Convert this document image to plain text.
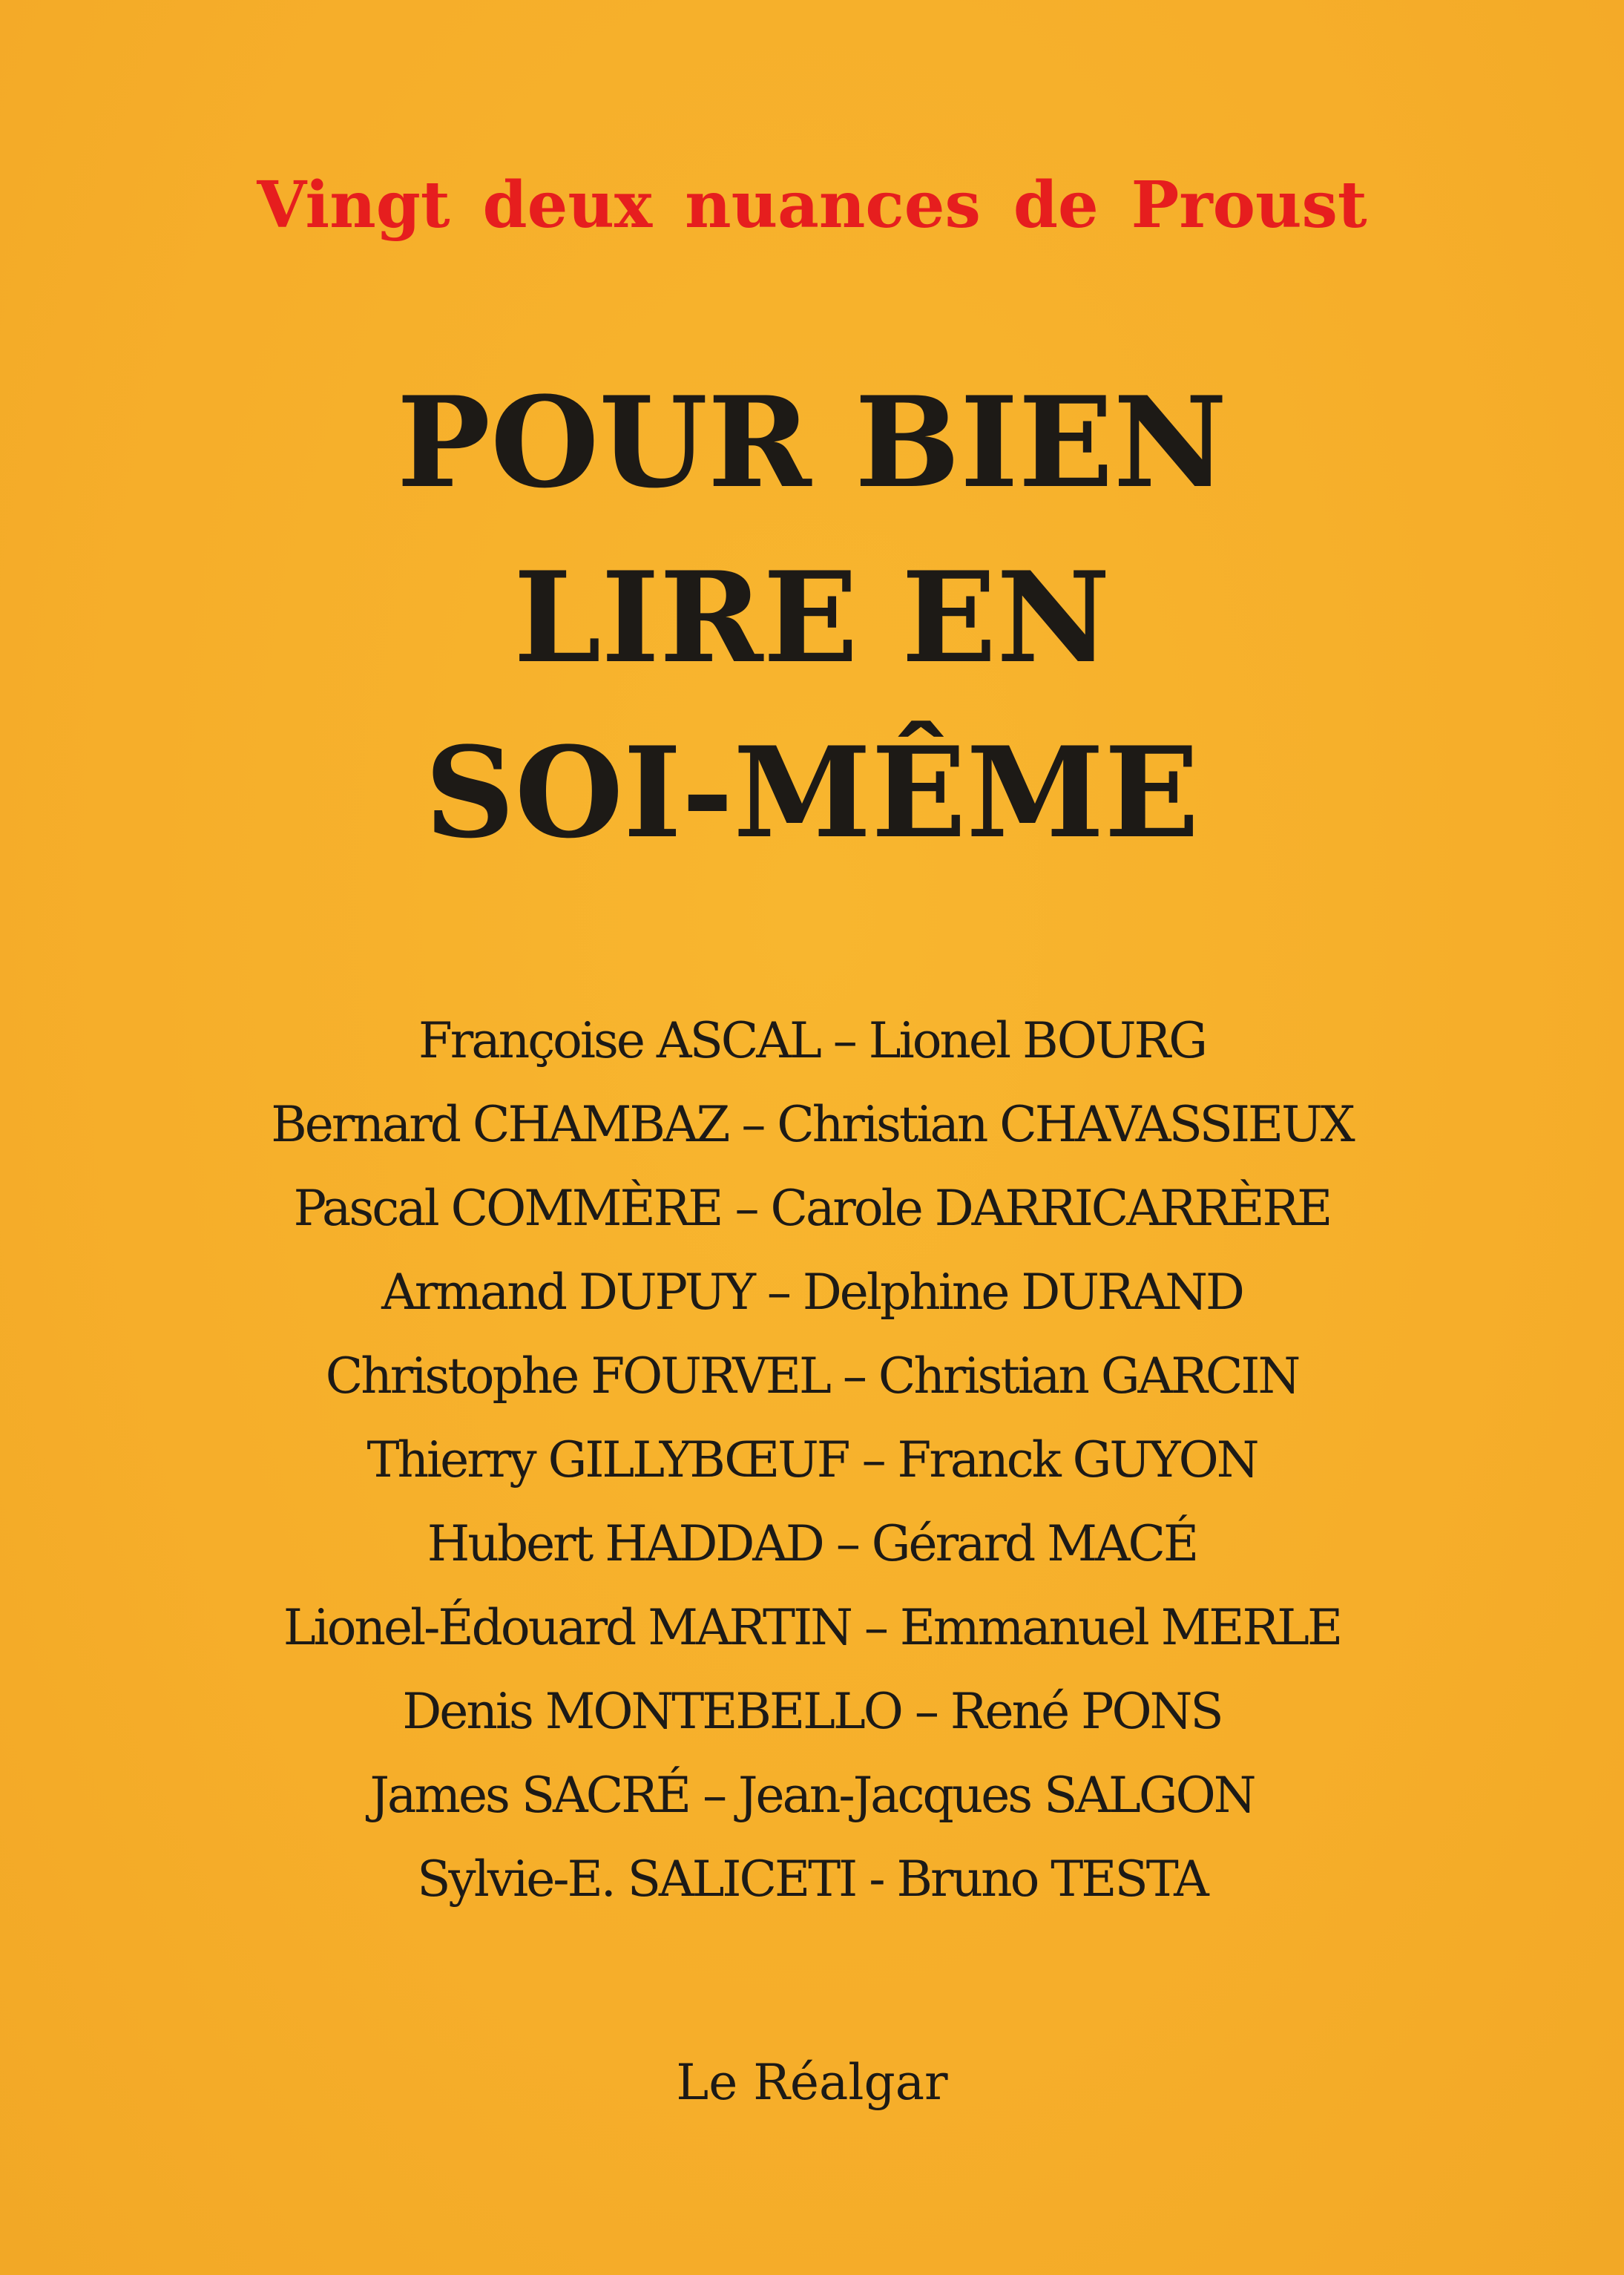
Vingt deux nuances de Proust

POUR BIEN
LIRE EN
SOI-MÊME
Françoise ASCAL – Lionel BOURG
Bernard CHAMBAZ – Christian CHAVASSIEUX
Pascal COMMÈRE – Carole DARRICARRÈRE
Armand DUPUY – Delphine DURAND
Christophe FOURVEL – Christian GARCIN
Thierry GILLYBŒUF – Franck GUYON
Hubert HADDAD – Gérard MACÉ
Lionel-Édouard MARTIN – Emmanuel MERLE
Denis MONTEBELLO – René PONS
James SACRÉ – Jean-Jacques SALGON
Sylvie-E. SALICETI - Bruno TESTA

Le Réalgar
